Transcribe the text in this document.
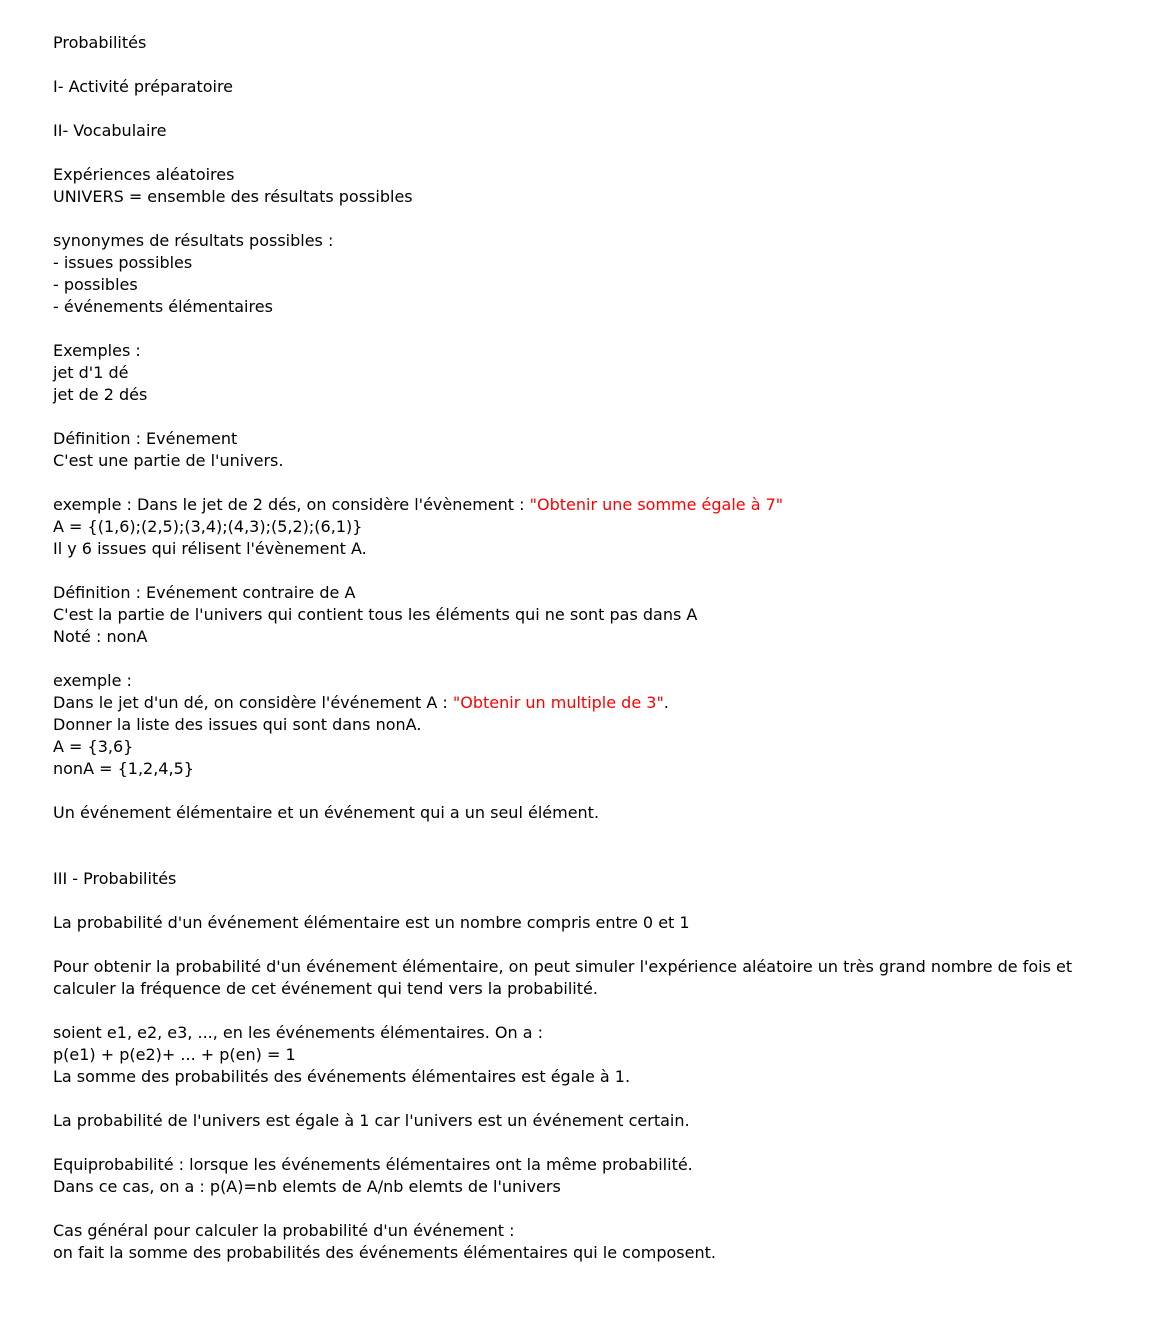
Probabilités
I- Activité préparatoire
II- Vocabulaire
Expériences aléatoires
UNIVERS = ensemble des résultats possibles
synonymes de résultats possibles :
- issues possibles
- possibles
- événements élémentaires
Exemples :
jet d'1 dé
jet de 2 dés
Définition : Evénement
C'est une partie de l'univers.
exemple : Dans le jet de 2 dés, on considère l'évènement : "Obtenir une somme égale à 7"
A = {(1,6);(2,5);(3,4);(4,3);(5,2);(6,1)}
Il y 6 issues qui rélisent l'évènement A.
Définition : Evénement contraire de A
C'est la partie de l'univers qui contient tous les éléments qui ne sont pas dans A
Noté : nonA
exemple :
Dans le jet d'un dé, on considère l'événement A : "Obtenir un multiple de 3".
Donner la liste des issues qui sont dans nonA.
A = {3,6}
nonA = {1,2,4,5}
Un événement élémentaire et un événement qui a un seul élément.
III - Probabilités
La probabilité d'un événement élémentaire est un nombre compris entre 0 et 1
Pour obtenir la probabilité d'un événement élémentaire, on peut simuler l'expérience aléatoire un très grand nombre de fois et
calculer la fréquence de cet événement qui tend vers la probabilité.
soient e1, e2, e3, ..., en les événements élémentaires. On a :
p(e1) + p(e2)+ ... + p(en) = 1
La somme des probabilités des événements élémentaires est égale à 1.
La probabilité de l'univers est égale à 1 car l'univers est un événement certain.
Equiprobabilité : lorsque les événements élémentaires ont la même probabilité.
Dans ce cas, on a : p(A)=nb elemts de A/nb elemts de l'univers
Cas général pour calculer la probabilité d'un événement :
on fait la somme des probabilités des événements élémentaires qui le composent.
